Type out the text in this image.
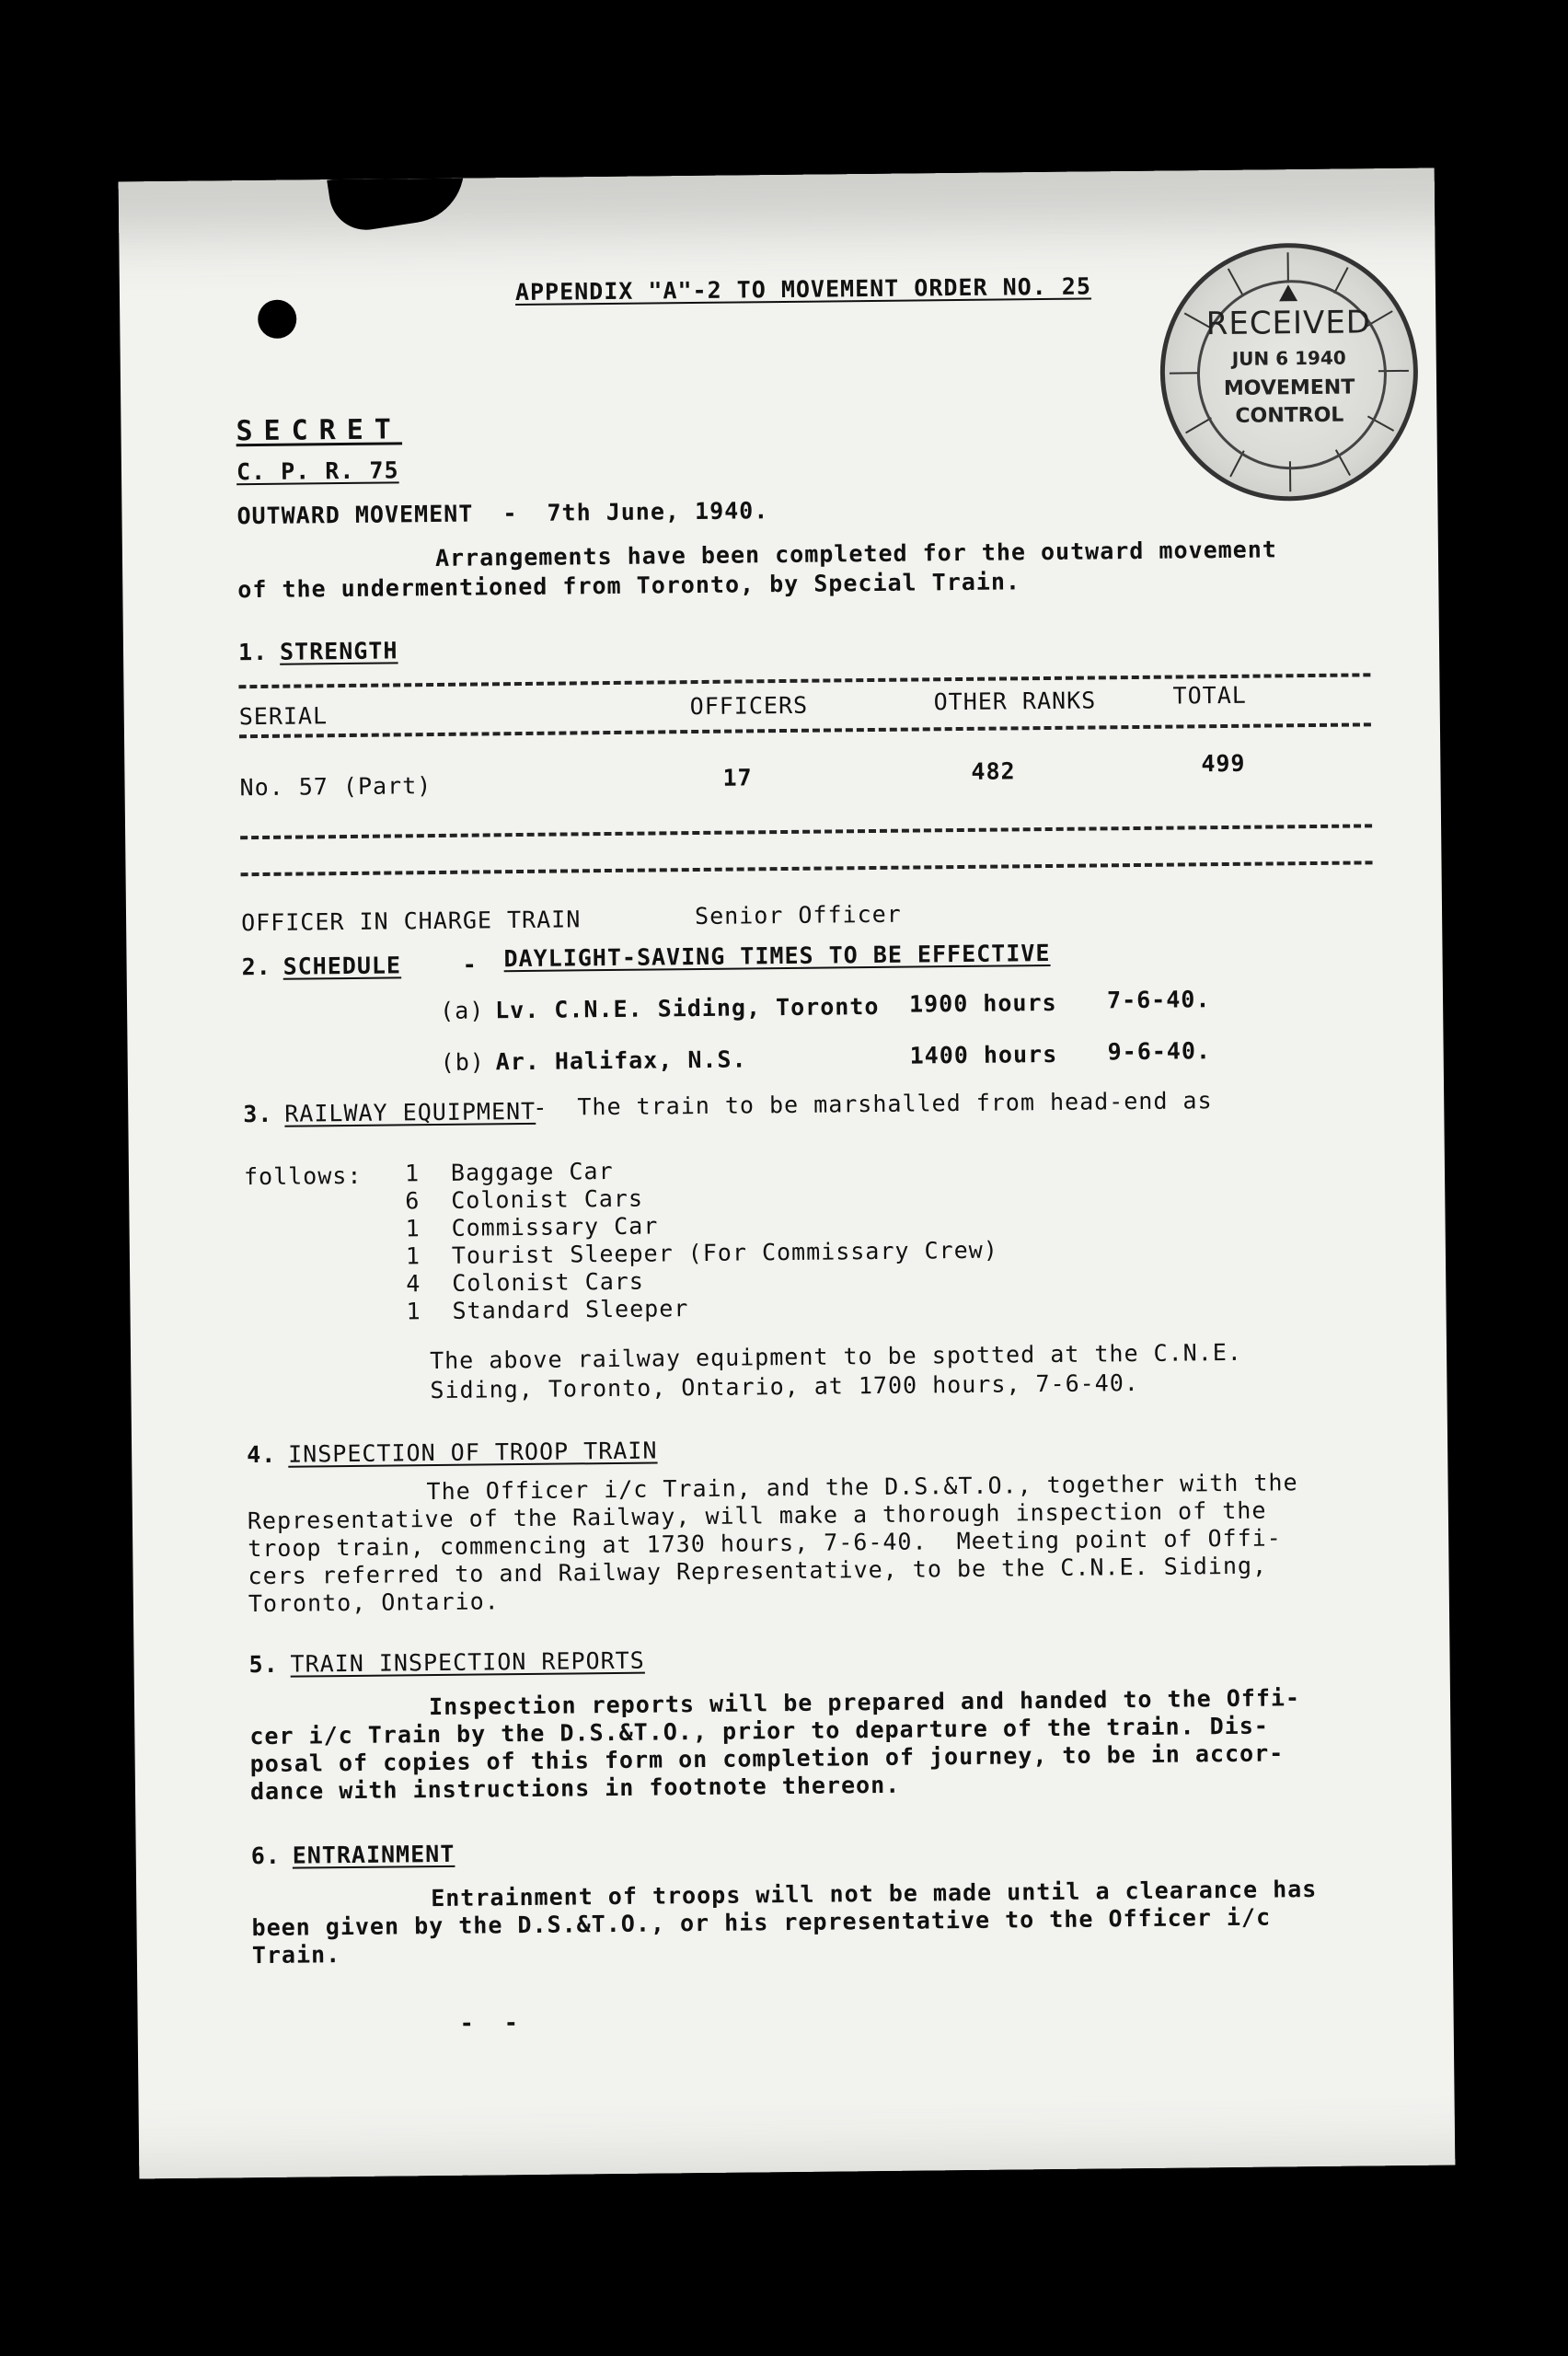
APPENDIX "A"-2 TO MOVEMENT ORDER NO. 25
RECEIVED
JUN 6 1940
MOVEMENT
CONTROL
SECRET
C. P. R. 75
OUTWARD MOVEMENT  -  7th June, 1940.
Arrangements have been completed for the outward movement
of the undermentioned from Toronto, by Special Train.
1. STRENGTH
SERIAL	OFFICERS	OTHER RANKS	TOTAL
No. 57 (Part)	17	482	499
OFFICER IN CHARGE TRAIN	Senior Officer
2. SCHEDULE	- DAYLIGHT-SAVING TIMES TO BE EFFECTIVE
(a) Lv. C.N.E. Siding, Toronto 1900 hours 7-6-40.
(b) Ar. Halifax, N.S.	1400 hours 9-6-40.
3. RAILWAY EQUIPMENT
-  The train to be marshalled from head-end as
follows: 1 Baggage Car
6 Colonist Cars
1 Commissary Car
1 Tourist Sleeper (For Commissary Crew)
4 Colonist Cars
1 Standard Sleeper
The above railway equipment to be spotted at the C.N.E.
Siding, Toronto, Ontario, at 1700 hours, 7-6-40.
4. INSPECTION OF TROOP TRAIN
The Officer i/c Train, and the D.S.&T.O., together with the
Representative of the Railway, will make a thorough inspection of the
troop train, commencing at 1730 hours, 7-6-40.  Meeting point of Offi-
cers referred to and Railway Representative, to be the C.N.E. Siding,
Toronto, Ontario.
5. TRAIN INSPECTION REPORTS
Inspection reports will be prepared and handed to the Offi-
cer i/c Train by the D.S.&T.O., prior to departure of the train. Dis-
posal of copies of this form on completion of journey, to be in accor-
dance with instructions in footnote thereon.
6. ENTRAINMENT
Entrainment of troops will not be made until a clearance has
been given by the D.S.&T.O., or his representative to the Officer i/c
Train.
-  -
